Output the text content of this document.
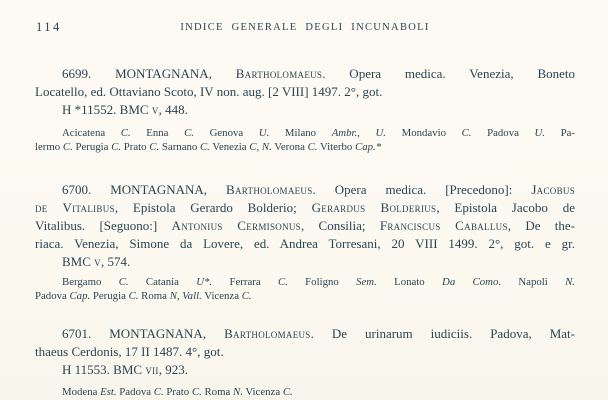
114	INDICE GENERALE DEGLI INCUNABOLI
6699. MONTAGNANA, Bartholomaeus. Opera medica. Venezia, Boneto
Locatello, ed. Ottaviano Scoto, IV non. aug. [2 VIII] 1497. 2°, got.
H *11552. BMC v, 448.
Acicatena C. Enna C. Genova U. Milano Ambr., U. Mondavio C. Padova U. Pa-
lermo C. Perugia C. Prato C. Sarnano C. Venezia C, N. Verona C. Viterbo Cap.*
6700. MONTAGNANA, Bartholomaeus. Opera medica. [Precedono]: Jacobus
de Vitalibus, Epistola Gerardo Bolderio; Gerardus Bolderius, Epistola Jacobo de
Vitalibus. [Seguono:] Antonius Cermisonus, Consilia; Franciscus Caballus, De the-
riaca. Venezia, Simone da Lovere, ed. Andrea Torresani, 20 VIII 1499. 2°, got. e gr.
BMC v, 574.
Bergamo C. Catania U*. Ferrara C. Foligno Sem. Lonato Da Como. Napoli N.
Padova Cap. Perugia C. Roma N, Vall. Vicenza C.
6701. MONTAGNANA, Bartholomaeus. De urinarum iudiciis. Padova, Mat-
thaeus Cerdonis, 17 II 1487. 4°, got.
H 11553. BMC vii, 923.
Modena Est. Padova C. Prato C. Roma N. Vicenza C.
